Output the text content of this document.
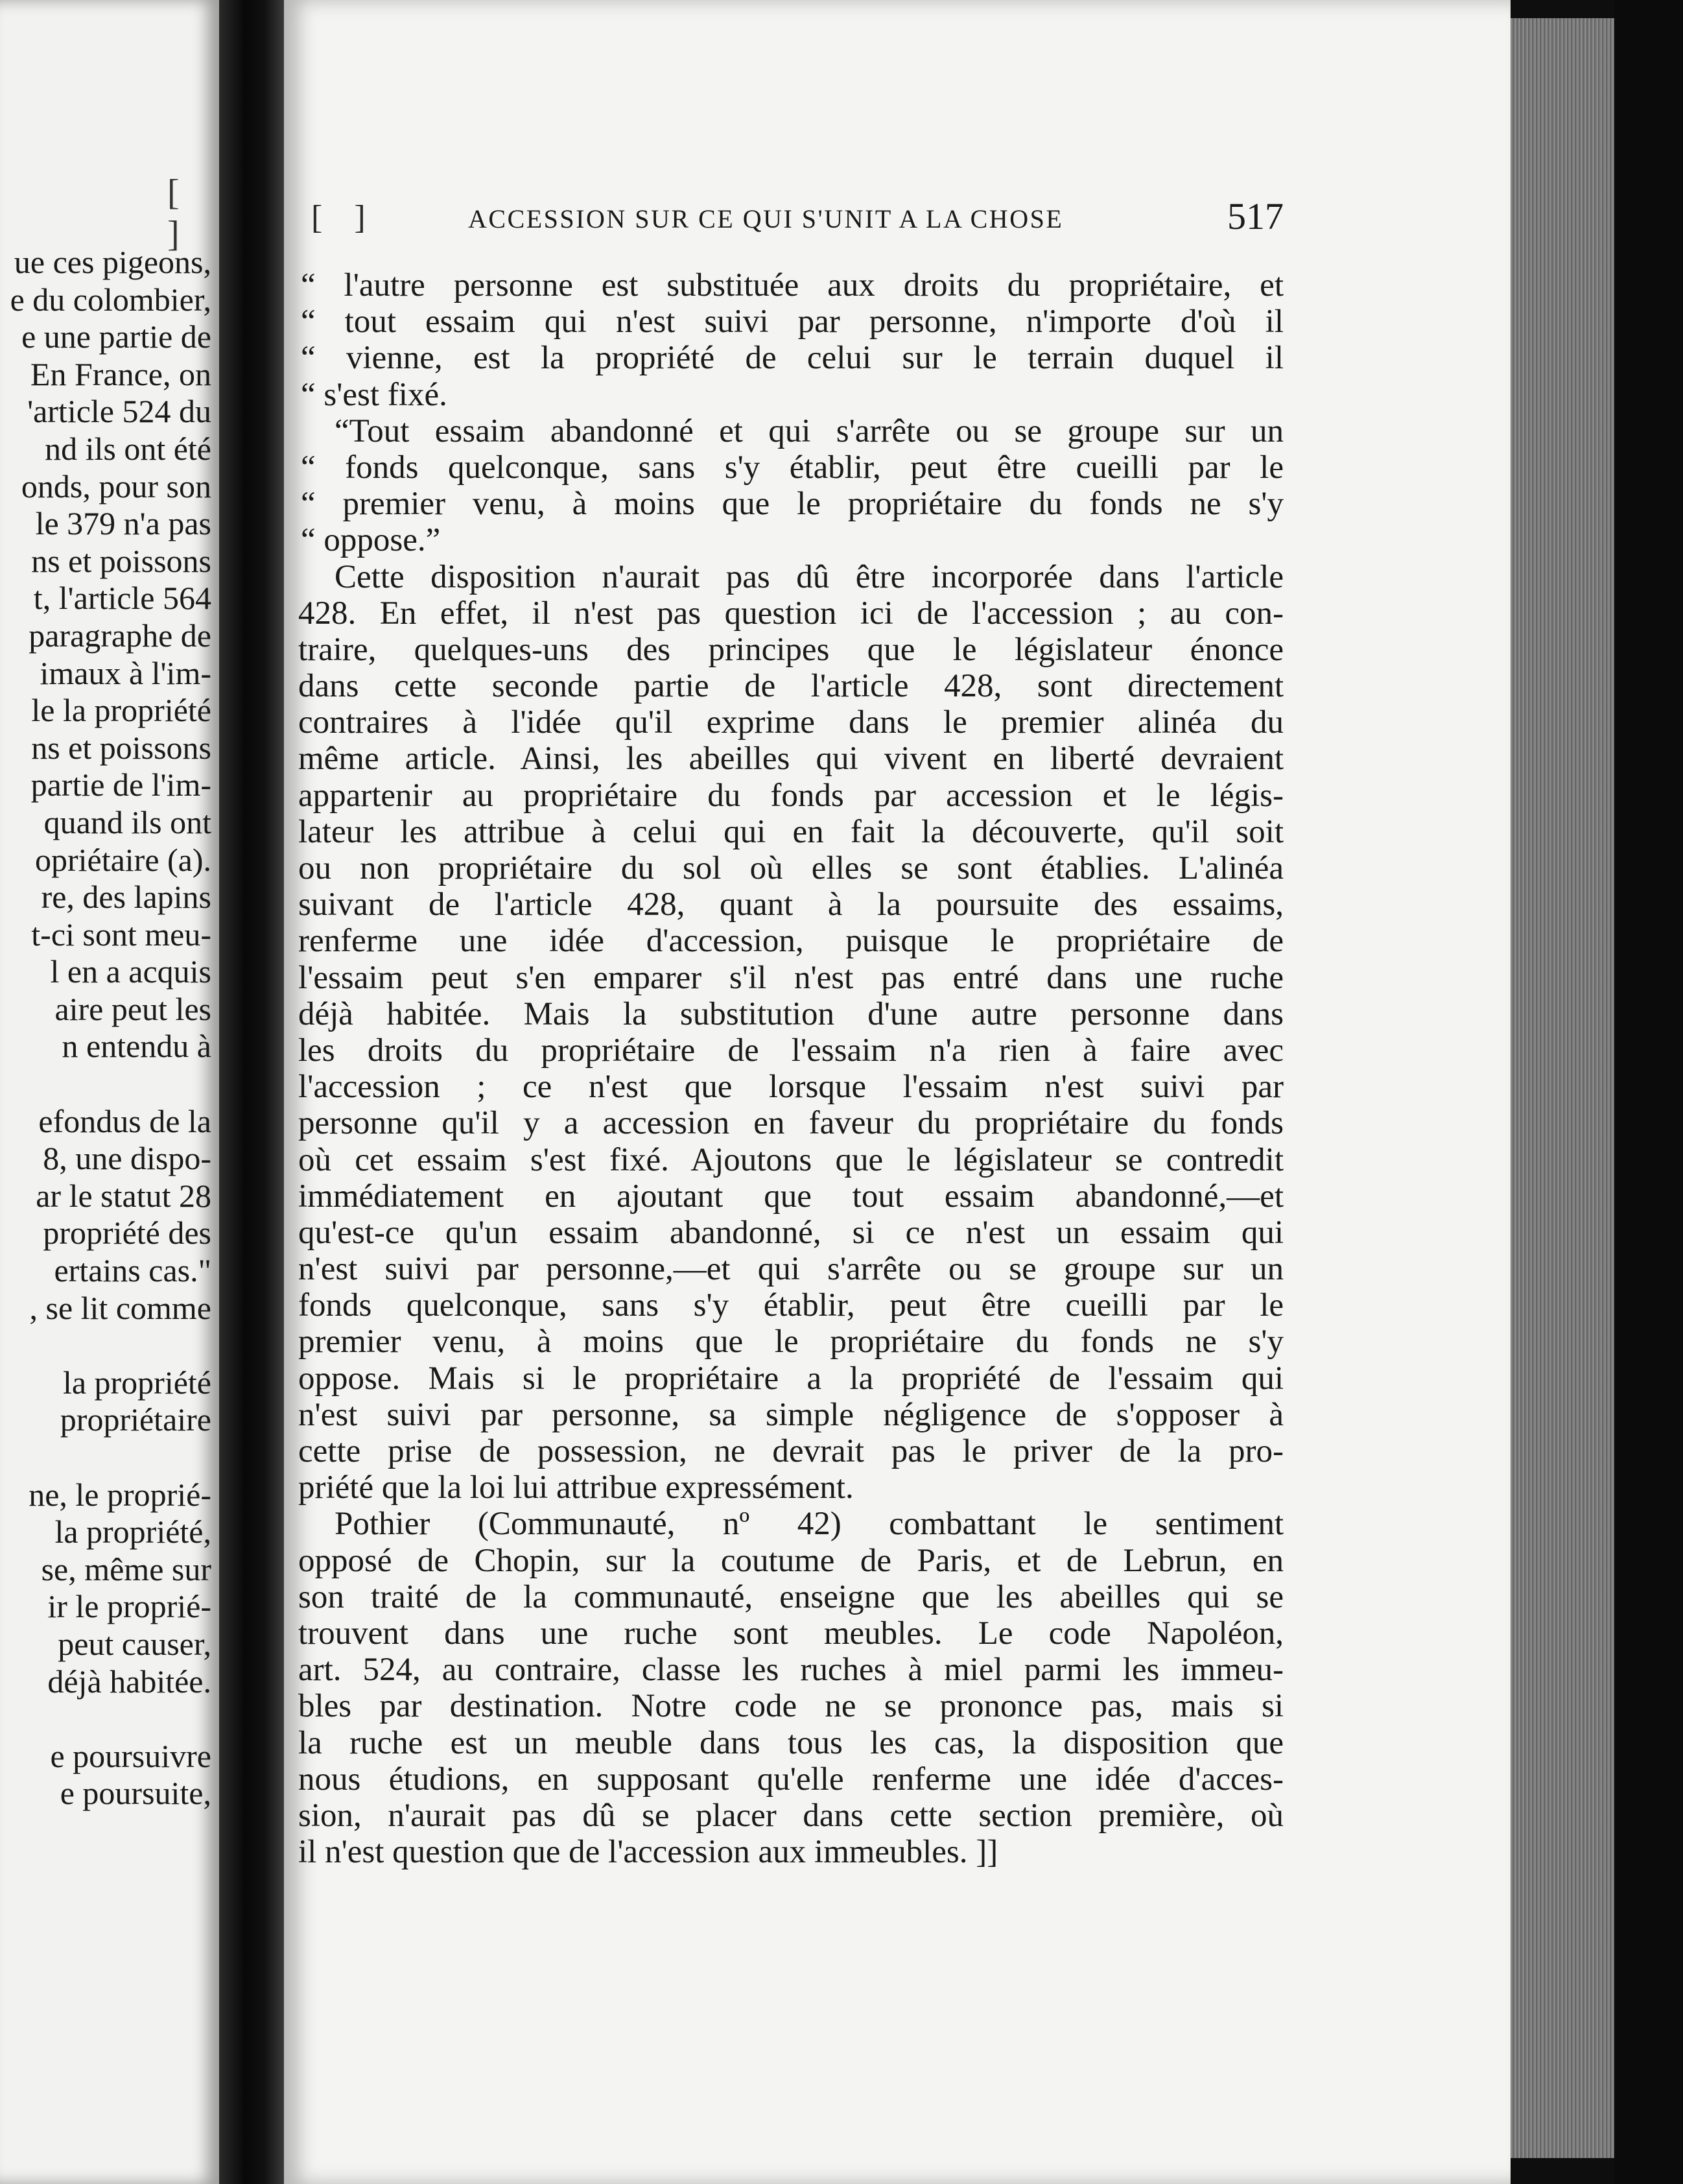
[ ]
ue ces pigeons,
e du colombier,
e une partie de
En France, on
'article 524 du
nd ils ont été
onds, pour son
le 379 n'a pas
ns et poissons
t, l'article 564
paragraphe de
imaux à l'im-
le la propriété
ns et poissons
partie de l'im-
quand ils ont
opriétaire (a).
re, des lapins
t-ci sont meu-
l en a acquis
aire peut les
n entendu à
efondus de la
8, une dispo-
ar le statut 28
propriété des
ertains cas."
, se lit comme
la propriété
propriétaire
ne, le proprié-
la propriété,
se, même sur
ir le proprié-
peut causer,
déjà habitée.
e poursuivre
e poursuite,
[ ]	ACCESSION SUR CE QUI S'UNIT A LA CHOSE	517
“ l'autre personne est substituée aux droits du propriétaire, et
“ tout essaim qui n'est suivi par personne, n'importe d'où il
“ vienne, est la propriété de celui sur le terrain duquel il
“ s'est fixé.
“Tout essaim abandonné et qui s'arrête ou se groupe sur un
“ fonds quelconque, sans s'y établir, peut être cueilli par le
“ premier venu, à moins que le propriétaire du fonds ne s'y
“ oppose.”
Cette disposition n'aurait pas dû être incorporée dans l'article
428. En effet, il n'est pas question ici de l'accession ; au con-
traire, quelques-uns des principes que le législateur énonce
dans cette seconde partie de l'article 428, sont directement
contraires à l'idée qu'il exprime dans le premier alinéa du
même article. Ainsi, les abeilles qui vivent en liberté devraient
appartenir au propriétaire du fonds par accession et le légis-
lateur les attribue à celui qui en fait la découverte, qu'il soit
ou non propriétaire du sol où elles se sont établies. L'alinéa
suivant de l'article 428, quant à la poursuite des essaims,
renferme une idée d'accession, puisque le propriétaire de
l'essaim peut s'en emparer s'il n'est pas entré dans une ruche
déjà habitée. Mais la substitution d'une autre personne dans
les droits du propriétaire de l'essaim n'a rien à faire avec
l'accession ; ce n'est que lorsque l'essaim n'est suivi par
personne qu'il y a accession en faveur du propriétaire du fonds
où cet essaim s'est fixé. Ajoutons que le législateur se contredit
immédiatement en ajoutant que tout essaim abandonné,—et
qu'est-ce qu'un essaim abandonné, si ce n'est un essaim qui
n'est suivi par personne,—et qui s'arrête ou se groupe sur un
fonds quelconque, sans s'y établir, peut être cueilli par le
premier venu, à moins que le propriétaire du fonds ne s'y
oppose. Mais si le propriétaire a la propriété de l'essaim qui
n'est suivi par personne, sa simple négligence de s'opposer à
cette prise de possession, ne devrait pas le priver de la pro-
priété que la loi lui attribue expressément.
Pothier (Communauté, nº 42) combattant le sentiment
opposé de Chopin, sur la coutume de Paris, et de Lebrun, en
son traité de la communauté, enseigne que les abeilles qui se
trouvent dans une ruche sont meubles. Le code Napoléon,
art. 524, au contraire, classe les ruches à miel parmi les immeu-
bles par destination. Notre code ne se prononce pas, mais si
la ruche est un meuble dans tous les cas, la disposition que
nous étudions, en supposant qu'elle renferme une idée d'acces-
sion, n'aurait pas dû se placer dans cette section première, où
il n'est question que de l'accession aux immeubles. ]]
